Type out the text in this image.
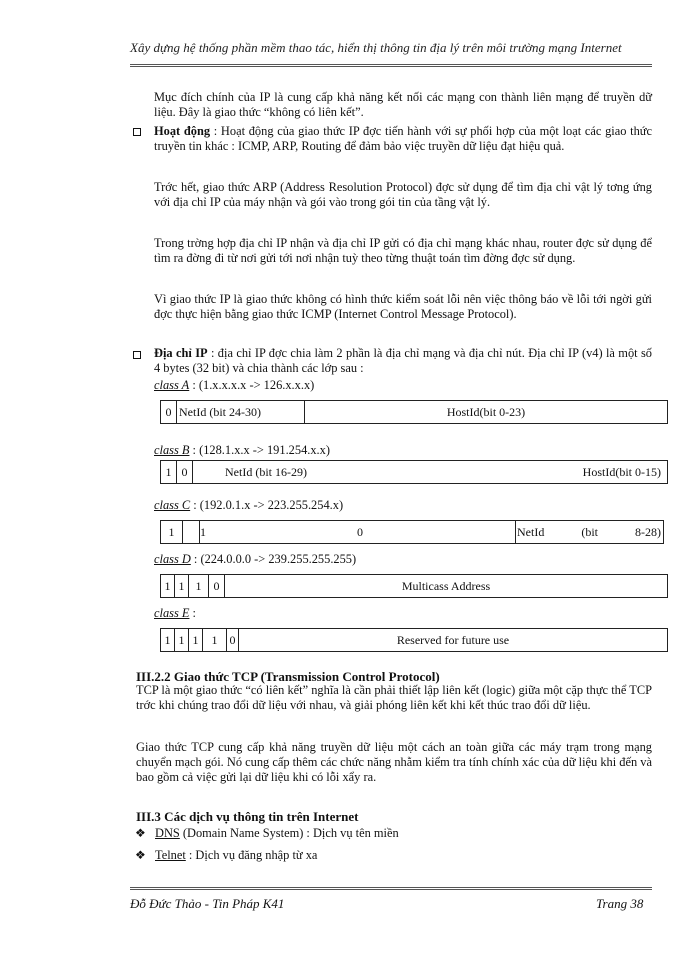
Xây dựng hệ thống phần mềm thao tác, hiển thị thông tin địa lý trên môi trường mạng Internet
Mục đích chính của IP là cung cấp khả năng kết nối các mạng con thành liên mạng để truyền dữ liệu. Đây là giao thức “không có liên kết”.
Hoạt động : Hoạt động của giao thức IP đợc tiến hành với sự phối hợp của một loạt các giao thức truyền tin khác : ICMP, ARP, Routing để đảm bảo việc truyền dữ liệu đạt hiệu quả.
Trớc hết, giao thức ARP (Address Resolution Protocol) đợc sử dụng để tìm địa chỉ vật lý tơng ứng với địa chỉ IP của máy nhận và gói vào trong gói tin của tầng vật lý.
Trong trờng hợp địa chỉ IP nhận và địa chỉ IP gửi có địa chỉ mạng khác nhau, router đợc sử dụng để tìm ra đờng đi từ nơi gửi tới nơi nhận tuỳ theo từng thuật toán tìm đờng đợc sử dụng.
Vì giao thức IP là giao thức không có hình thức kiểm soát lỗi nên việc thông báo về lỗi tới ngời gửi đợc thực hiện bằng giao thức ICMP (Internet Control Message Protocol).
Địa chỉ IP : địa chỉ IP đợc chia làm 2 phần là địa chỉ mạng và địa chỉ nút. Địa chỉ IP (v4) là một số 4 bytes (32 bit) và chia thành các lớp sau :
class A : (1.x.x.x.x -> 126.x.x.x)
0 NetId (bit 24-30)	HostId(bit 0-23)
class B : (128.1.x.x -> 191.254.x.x)
1 0	NetId (bit 16-29)	HostId(bit 0-15)
class C : (192.0.1.x -> 223.255.254.x)
1	1	0	NetId	(bit	8-28)
class D : (224.0.0.0 -> 239.255.255.255)
1 1 1	0	Multicass Address
class E :
1 1 1	1	0	Reserved for future use
III.2.2 Giao thức TCP (Transmission Control Protocol)
TCP là một giao thức “có liên kết” nghĩa là cần phải thiết lập liên kết (logic) giữa một cặp thực thể TCP trớc khi chúng trao đổi dữ liệu với nhau, và giải phóng liên kết khi kết thúc trao đổi dữ liệu.
Giao thức TCP cung cấp khả năng truyền dữ liệu một cách an toàn giữa các máy trạm trong mạng chuyển mạch gói. Nó cung cấp thêm các chức năng nhằm kiểm tra tính chính xác của dữ liệu khi đến và bao gồm cả việc gửi lại dữ liệu khi có lỗi xẩy ra.
III.3 Các dịch vụ thông tin trên Internet
❖ DNS (Domain Name System) : Dịch vụ tên miền
❖ Telnet : Dịch vụ đăng nhập từ xa
Đỗ Đức Thảo - Tin Pháp K41	Trang 38
